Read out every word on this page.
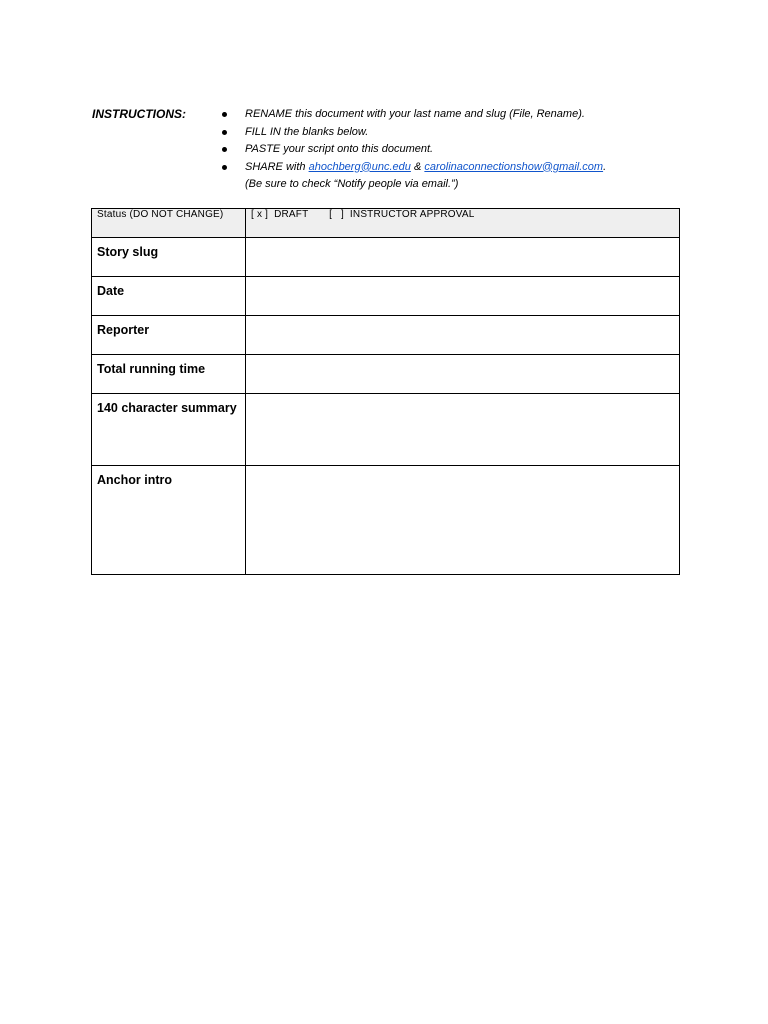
INSTRUCTIONS:	RENAME this document with your last name and slug (File, Rename).
FILL IN the blanks below.
PASTE your script onto this document.
SHARE with ahochberg@unc.edu & carolinaconnectionshow@gmail.com.
(Be sure to check “Notify people via email.”)
Status (DO NOT CHANGE)	[ x ]  DRAFT       [   ]  INSTRUCTOR APPROVAL
Story slug	
Date	
Reporter	
Total running time	
140 character summary	
Anchor intro	
